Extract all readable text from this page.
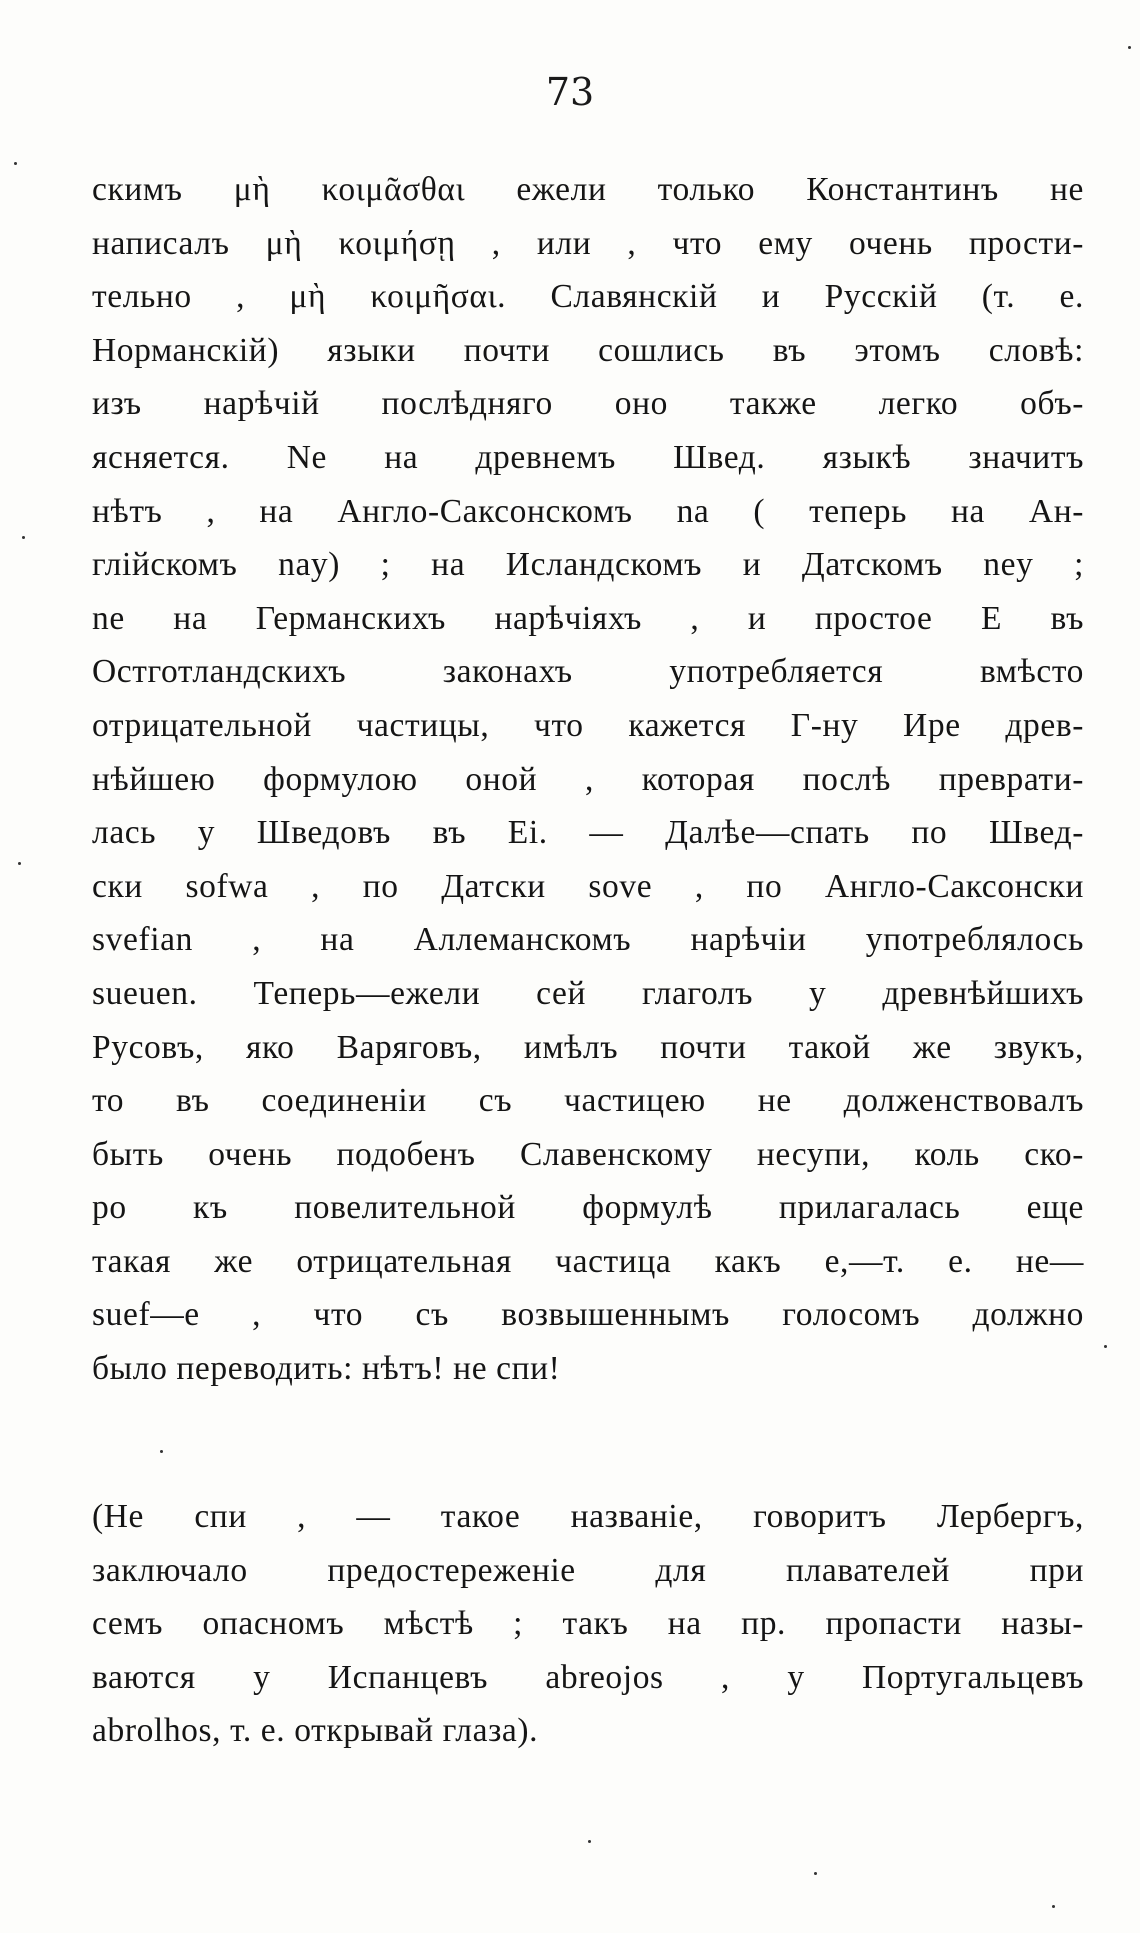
73
скимъ μὴ κοιμᾶσθαι ежели только Константинъ не
написалъ μὴ κοιμήσῃ , или , что ему очень прости-
тельно , μὴ κοιμῆσαι. Славянскій и Русскій (т. е.
Норманскій) языки почти сошлись въ этомъ словѣ:
изъ нарѣчій послѣдняго оно также легко объ-
ясняется. Ne на древнемъ Швед. языкѣ значитъ
нѣтъ , на Англо-Саксонскомъ na ( теперь на Ан-
глійскомъ nay) ; на Исландскомъ и Датскомъ ney ;
ne на Германскихъ нарѣчіяхъ , и простое E въ
Остготландскихъ законахъ употребляется вмѣсто
отрицательной частицы, что кажется Г-ну Ире древ-
нѣйшею формулою оной , которая послѣ преврати-
лась у Шведовъ въ Ei. — Далѣе—спать по Швед-
ски sofwa , по Датски sove , по Англо-Саксонски
svefian , на Аллеманскомъ нарѣчіи употреблялось
sueuen. Теперь—ежели сей глаголъ у древнѣйшихъ
Русовъ, яко Варяговъ, имѣлъ почти такой же звукъ,
то въ соединеніи съ частицею не долженствовалъ
быть очень подобенъ Славенскому несупи, коль ско-
ро къ повелительной формулѣ прилагалась еще
такая же отрицательная частица какъ е,—т. е. не—
suef—е , что съ возвышеннымъ голосомъ должно
было переводить: нѣтъ! не спи!
(Не спи , — такое названіе, говоритъ Лербергъ,
заключало предостереженіе для плавателей при
семъ опасномъ мѣстѣ ; такъ на пр. пропасти назы-
ваются у Испанцевъ abreojos , у Португальцевъ
abrolhos, т. е. открывай глаза).
